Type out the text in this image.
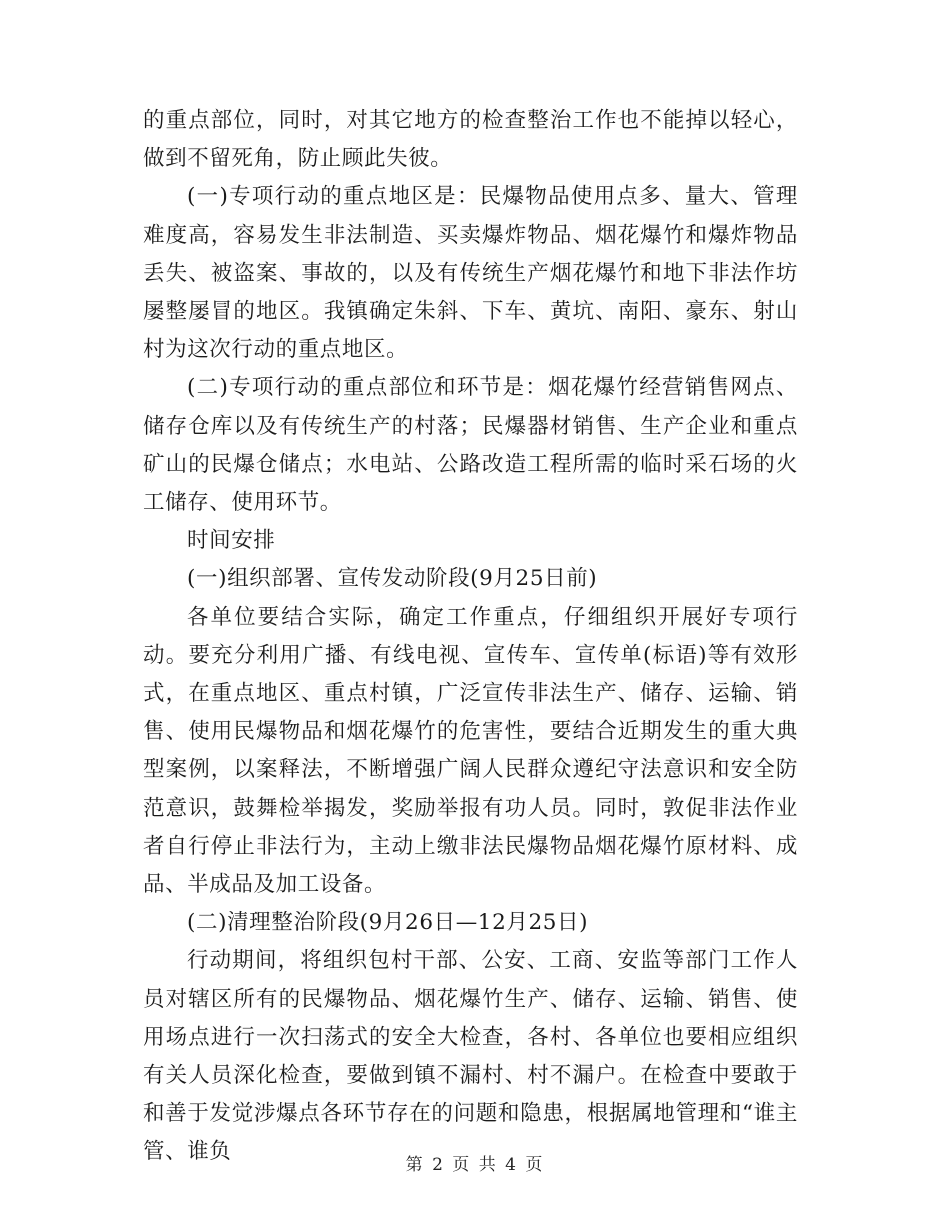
的重点部位，同时，对其它地方的检查整治工作也不能掉以轻心，做到不留死角，防止顾此失彼。

(一)专项行动的重点地区是：民爆物品使用点多、量大、管理难度高，容易发生非法制造、买卖爆炸物品、烟花爆竹和爆炸物品丢失、被盗案、事故的，以及有传统生产烟花爆竹和地下非法作坊屡整屡冒的地区。我镇确定朱斜、下车、黄坑、南阳、豪东、射山村为这次行动的重点地区。

(二)专项行动的重点部位和环节是：烟花爆竹经营销售网点、储存仓库以及有传统生产的村落；民爆器材销售、生产企业和重点矿山的民爆仓储点；水电站、公路改造工程所需的临时采石场的火工储存、使用环节。

时间安排

(一)组织部署、宣传发动阶段(9月25日前)

各单位要结合实际，确定工作重点，仔细组织开展好专项行动。要充分利用广播、有线电视、宣传车、宣传单(标语)等有效形式，在重点地区、重点村镇，广泛宣传非法生产、储存、运输、销售、使用民爆物品和烟花爆竹的危害性，要结合近期发生的重大典型案例，以案释法，不断增强广阔人民群众遵纪守法意识和安全防范意识，鼓舞检举揭发，奖励举报有功人员。同时，敦促非法作业者自行停止非法行为，主动上缴非法民爆物品烟花爆竹原材料、成品、半成品及加工设备。

(二)清理整治阶段(9月26日—12月25日)

行动期间，将组织包村干部、公安、工商、安监等部门工作人员对辖区所有的民爆物品、烟花爆竹生产、储存、运输、销售、使用场点进行一次扫荡式的安全大检查，各村、各单位也要相应组织有关人员深化检查，要做到镇不漏村、村不漏户。在检查中要敢于和善于发觉涉爆点各环节存在的问题和隐患，根据属地管理和“谁主管、谁负

第 2 页 共 4 页
